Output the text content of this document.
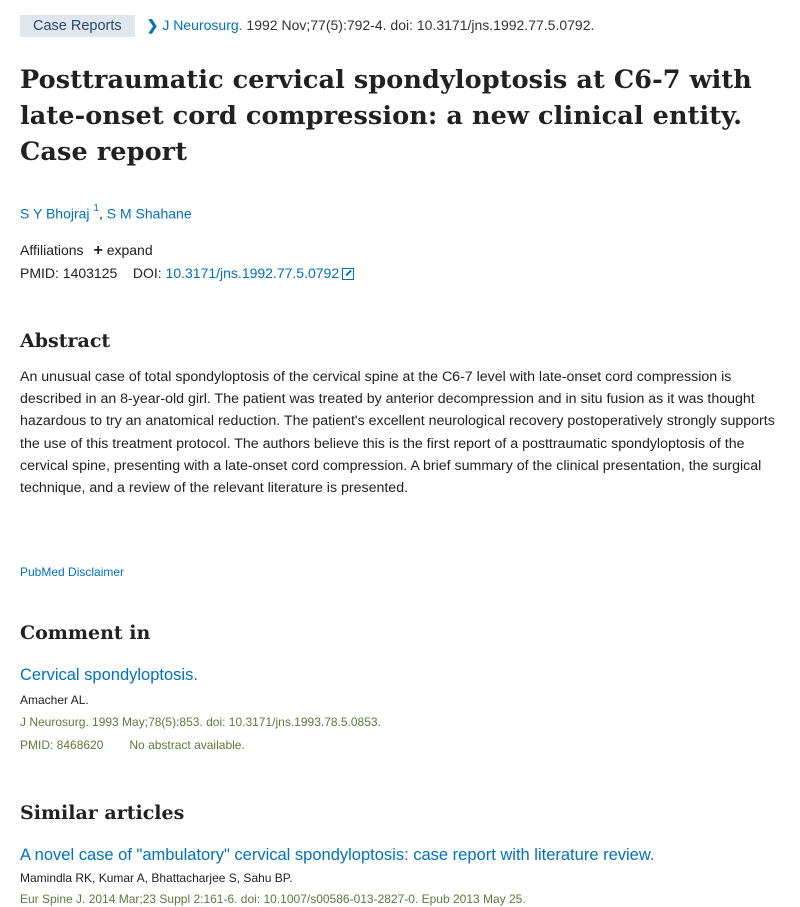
Case Reports ❯ J Neurosurg. 1992 Nov;77(5):792-4. doi: 10.3171/jns.1992.77.5.0792.
Posttraumatic cervical spondyloptosis at C6-7 with late-onset cord compression: a new clinical entity. Case report
S Y Bhojraj $^1$, S M Shahane
Affiliations + expand
PMID: 1403125 DOI: 10.3171/jns.1992.77.5.0792
Abstract
An unusual case of total spondyloptosis of the cervical spine at the C6-7 level with late-onset cord compression is described in an 8-year-old girl. The patient was treated by anterior decompression and in situ fusion as it was thought hazardous to try an anatomical reduction. The patient's excellent neurological recovery postoperatively strongly supports the use of this treatment protocol. The authors believe this is the first report of a posttraumatic spondyloptosis of the cervical spine, presenting with a late-onset cord compression. A brief summary of the clinical presentation, the surgical technique, and a review of the relevant literature is presented.
PubMed Disclaimer
Comment in
Cervical spondyloptosis.
Amacher AL.
J Neurosurg. 1993 May;78(5):853. doi: 10.3171/jns.1993.78.5.0853.
PMID: 8468620 No abstract available.
Similar articles
A novel case of "ambulatory" cervical spondyloptosis: case report with literature review.
Mamindla RK, Kumar A, Bhattacharjee S, Sahu BP.
Eur Spine J. 2014 Mar;23 Suppl 2:161-6. doi: 10.1007/s00586-013-2827-0. Epub 2013 May 25.
